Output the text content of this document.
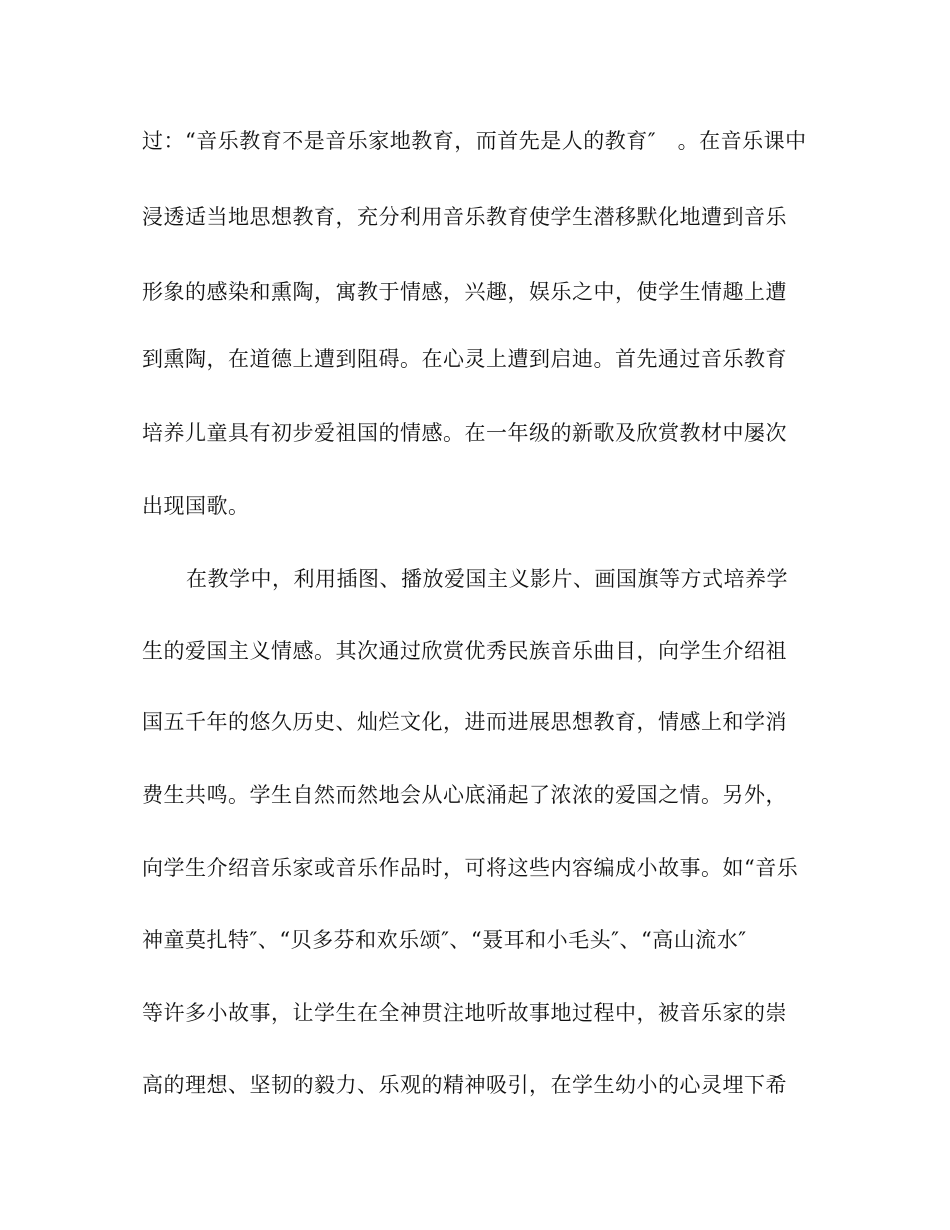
过：“音乐教育不是音乐家地教育，而首先是人的教育″　。在音乐课中
浸透适当地思想教育，充分利用音乐教育使学生潜移默化地遭到音乐
形象的感染和熏陶，寓教于情感，兴趣，娱乐之中，使学生情趣上遭
到熏陶，在道德上遭到阻碍。在心灵上遭到启迪。首先通过音乐教育
培养儿童具有初步爱祖国的情感。在一年级的新歌及欣赏教材中屡次
出现国歌。
在教学中，利用插图、播放爱国主义影片、画国旗等方式培养学
生的爱国主义情感。其次通过欣赏优秀民族音乐曲目，向学生介绍祖
国五千年的悠久历史、灿烂文化，进而进展思想教育，情感上和学消
费生共鸣。学生自然而然地会从心底涌起了浓浓的爱国之情。另外，
向学生介绍音乐家或音乐作品时，可将这些内容编成小故事。如“音乐
神童莫扎特″、“贝多芬和欢乐颂″、“聂耳和小毛头″、“高山流水″
等许多小故事，让学生在全神贯注地听故事地过程中，被音乐家的崇
高的理想、坚韧的毅力、乐观的精神吸引，在学生幼小的心灵埋下希
